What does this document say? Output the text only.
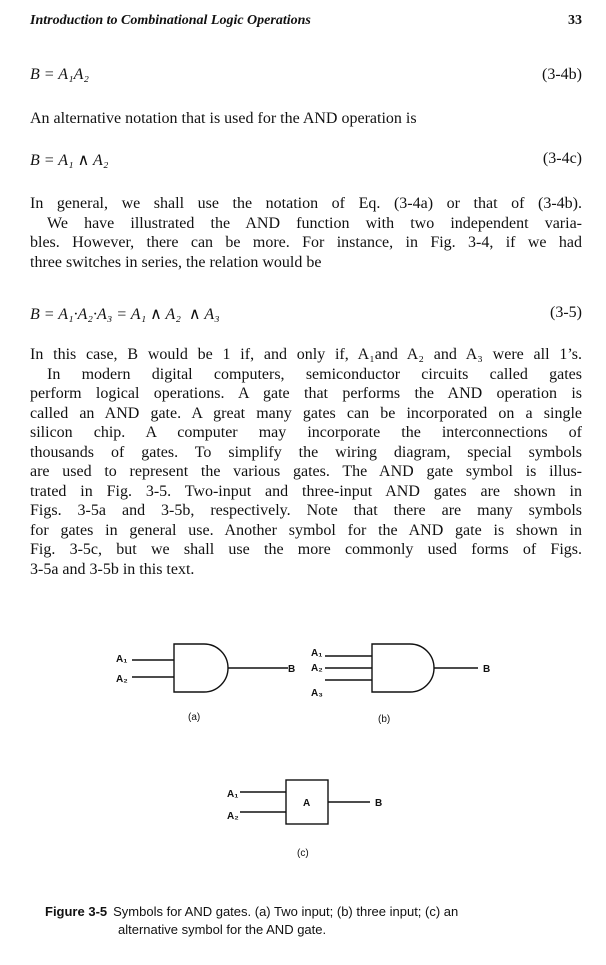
Introduction to Combinational Logic Operations	33
B = A₁A₂	(3-4b)

An alternative notation that is used for the AND operation is

B = A₁ ∧ A₂	(3-4c)

In general, we shall use the notation of Eq. (3-4a) or that of (3-4b).
We have illustrated the AND function with two independent varia-
bles. However, there can be more. For instance, in Fig. 3-4, if we had
three switches in series, the relation would be

B = A₁·A₂·A₃ = A₁ ∧ A₂  ∧ A₃	(3-5)

In this case, B would be 1 if, and only if, A₁and A₂ and A₃ were all 1’s.
In modern digital computers, semiconductor circuits called gates
perform logical operations. A gate that performs the AND operation is
called an AND gate. A great many gates can be incorporated on a single
silicon chip. A computer may incorporate the interconnections of
thousands of gates. To simplify the wiring diagram, special symbols
are used to represent the various gates. The AND gate symbol is illus-
trated in Fig. 3-5. Two-input and three-input AND gates are shown in
Figs. 3-5a and 3-5b, respectively. Note that there are many symbols
for gates in general use. Another symbol for the AND gate is shown in
Fig. 3-5c, but we shall use the more commonly used forms of Figs.
3-5a and 3-5b in this text.

A₁
A₂
B
(a)
A₁
A₂
A₃
B
(b)
A₁
A₂
A	B
(c)
Figure 3-5 Symbols for AND gates. (a) Two input; (b) three input; (c) an
alternative symbol for the AND gate.
